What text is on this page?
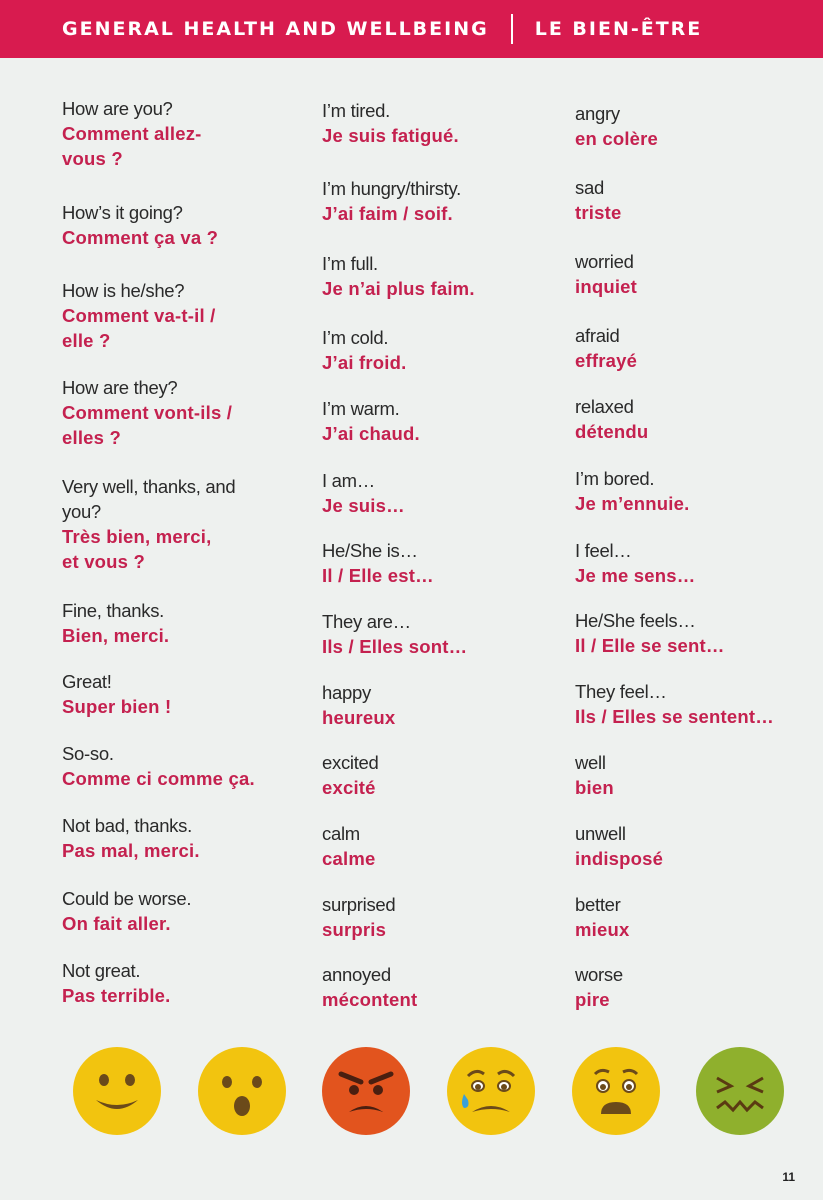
GENERAL HEALTH AND WELLBEING LE BIEN-ÊTRE
How are you?
Comment allez-
vous ?
How’s it going?
Comment ça va ?
How is he/she?
Comment va-t-il /
elle ?
How are they?
Comment vont-ils /
elles ?
Very well, thanks, and
you?
Très bien, merci,
et vous ?
Fine, thanks.
Bien, merci.
Great!
Super bien !
So-so.
Comme ci comme ça.
Not bad, thanks.
Pas mal, merci.
Could be worse.
On fait aller.
Not great.
Pas terrible.
I’m tired.
Je suis fatigué.
I’m hungry/thirsty.
J’ai faim / soif.
I’m full.
Je n’ai plus faim.
I’m cold.
J’ai froid.
I’m warm.
J’ai chaud.
I am…
Je suis…
He/She is…
Il / Elle est…
They are…
Ils / Elles sont…
happy
heureux
excited
excité
calm
calme
surprised
surpris
annoyed
mécontent
angry
en colère
sad
triste
worried
inquiet
afraid
effrayé
relaxed
détendu
I’m bored.
Je m’ennuie.
I feel…
Je me sens…
He/She feels…
Il / Elle se sent…
They feel…
Ils / Elles se sentent…
well
bien
unwell
indisposé
better
mieux
worse
pire
11
